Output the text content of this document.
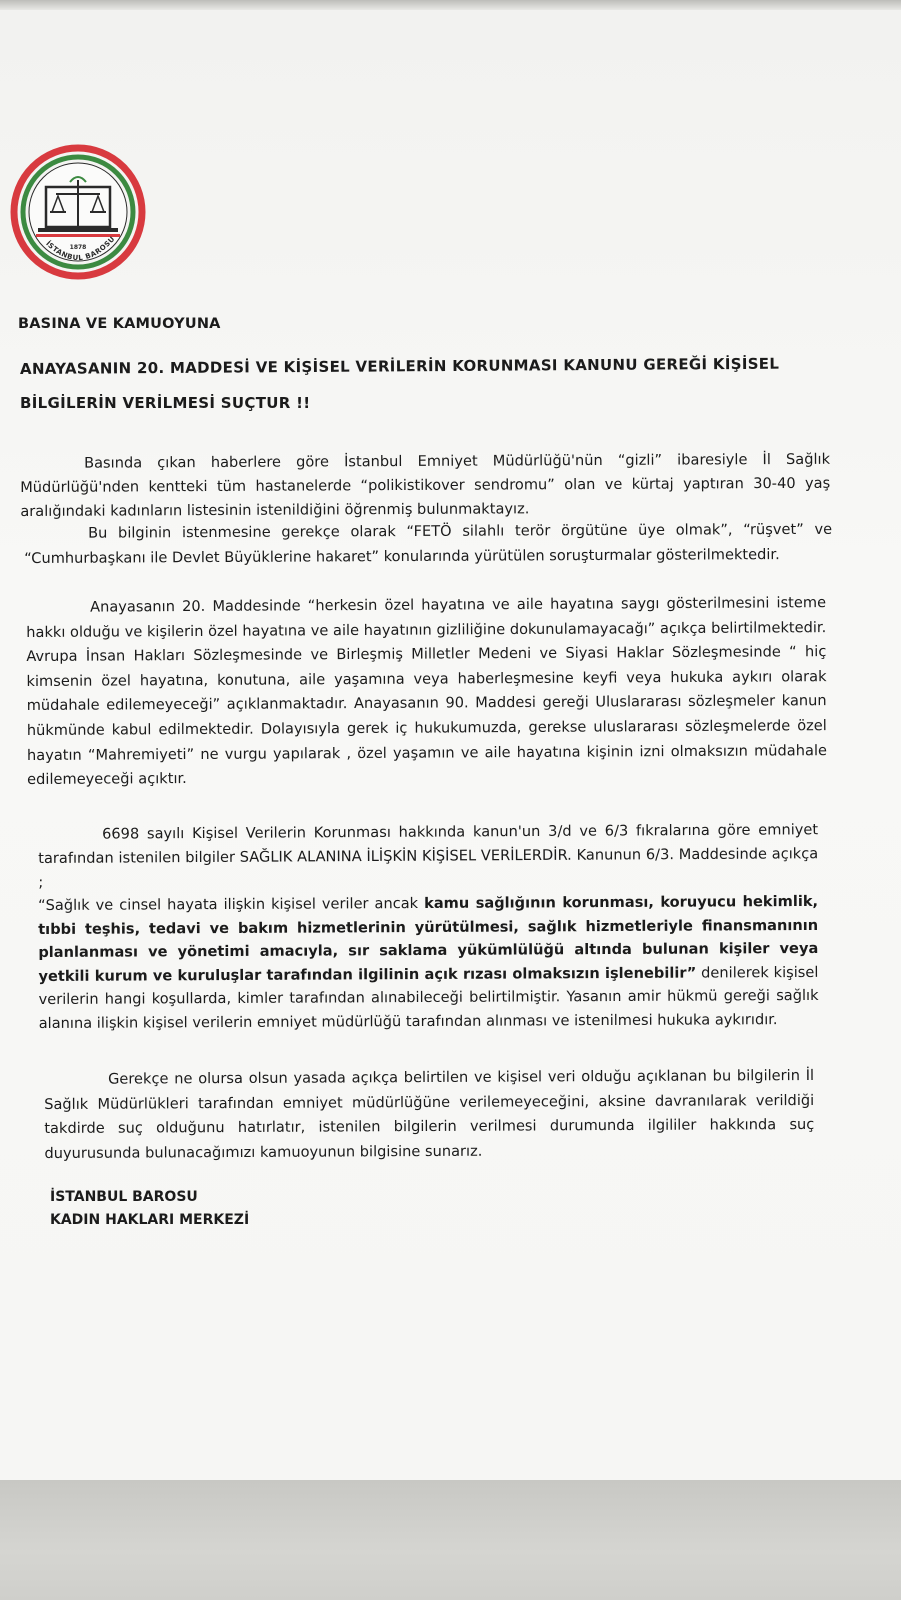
1878
İSTANBUL BAROSU
BASINA VE KAMUOYUNA
ANAYASANIN 20. MADDESİ VE KİŞİSEL VERİLERİN KORUNMASI KANUNU GEREĞİ KİŞİSEL
BİLGİLERİN VERİLMESİ SUÇTUR !!
Basında çıkan haberlere göre İstanbul Emniyet Müdürlüğü'nün “gizli” ibaresiyle İl Sağlık Müdürlüğü'nden kentteki tüm hastanelerde “polikistikover sendromu” olan ve kürtaj yaptıran 30-40 yaş aralığındaki kadınların listesinin istenildiğini öğrenmiş bulunmaktayız.
Bu bilginin istenmesine gerekçe olarak “FETÖ silahlı terör örgütüne üye olmak”, “rüşvet” ve “Cumhurbaşkanı ile Devlet Büyüklerine hakaret” konularında yürütülen soruşturmalar gösterilmektedir.
Anayasanın 20. Maddesinde “herkesin özel hayatına ve aile hayatına saygı gösterilmesini isteme hakkı olduğu ve kişilerin özel hayatına ve aile hayatının gizliliğine dokunulamayacağı” açıkça belirtilmektedir. Avrupa İnsan Hakları Sözleşmesinde ve Birleşmiş Milletler Medeni ve Siyasi Haklar Sözleşmesinde “ hiç kimsenin özel hayatına, konutuna, aile yaşamına veya haberleşmesine keyfi veya hukuka aykırı olarak müdahale edilemeyeceği” açıklanmaktadır. Anayasanın 90. Maddesi gereği Uluslararası sözleşmeler kanun hükmünde kabul edilmektedir. Dolayısıyla gerek iç hukukumuzda, gerekse uluslararası sözleşmelerde özel hayatın “Mahremiyeti” ne vurgu yapılarak , özel yaşamın ve aile hayatına kişinin izni olmaksızın müdahale edilemeyeceği açıktır.
6698 sayılı Kişisel Verilerin Korunması hakkında kanun'un 3/d ve 6/3 fıkralarına göre emniyet tarafından istenilen bilgiler SAĞLIK ALANINA İLİŞKİN KİŞİSEL VERİLERDİR. Kanunun 6/3. Maddesinde açıkça ;
“Sağlık ve cinsel hayata ilişkin kişisel veriler ancak kamu sağlığının korunması, koruyucu hekimlik, tıbbi teşhis, tedavi ve bakım hizmetlerinin yürütülmesi, sağlık hizmetleriyle finansmanının planlanması ve yönetimi amacıyla, sır saklama yükümlülüğü altında bulunan kişiler veya yetkili kurum ve kuruluşlar tarafından ilgilinin açık rızası olmaksızın işlenebilir” denilerek kişisel verilerin hangi koşullarda, kimler tarafından alınabileceği belirtilmiştir. Yasanın amir hükmü gereği sağlık alanına ilişkin kişisel verilerin emniyet müdürlüğü tarafından alınması ve istenilmesi hukuka aykırıdır.
Gerekçe ne olursa olsun yasada açıkça belirtilen ve kişisel veri olduğu açıklanan bu bilgilerin İl Sağlık Müdürlükleri tarafından emniyet müdürlüğüne verilemeyeceğini, aksine davranılarak verildiği takdirde suç olduğunu hatırlatır, istenilen bilgilerin verilmesi durumunda ilgililer hakkında suç duyurusunda bulunacağımızı kamuoyunun bilgisine sunarız.
İSTANBUL BAROSU
KADIN HAKLARI MERKEZİ
